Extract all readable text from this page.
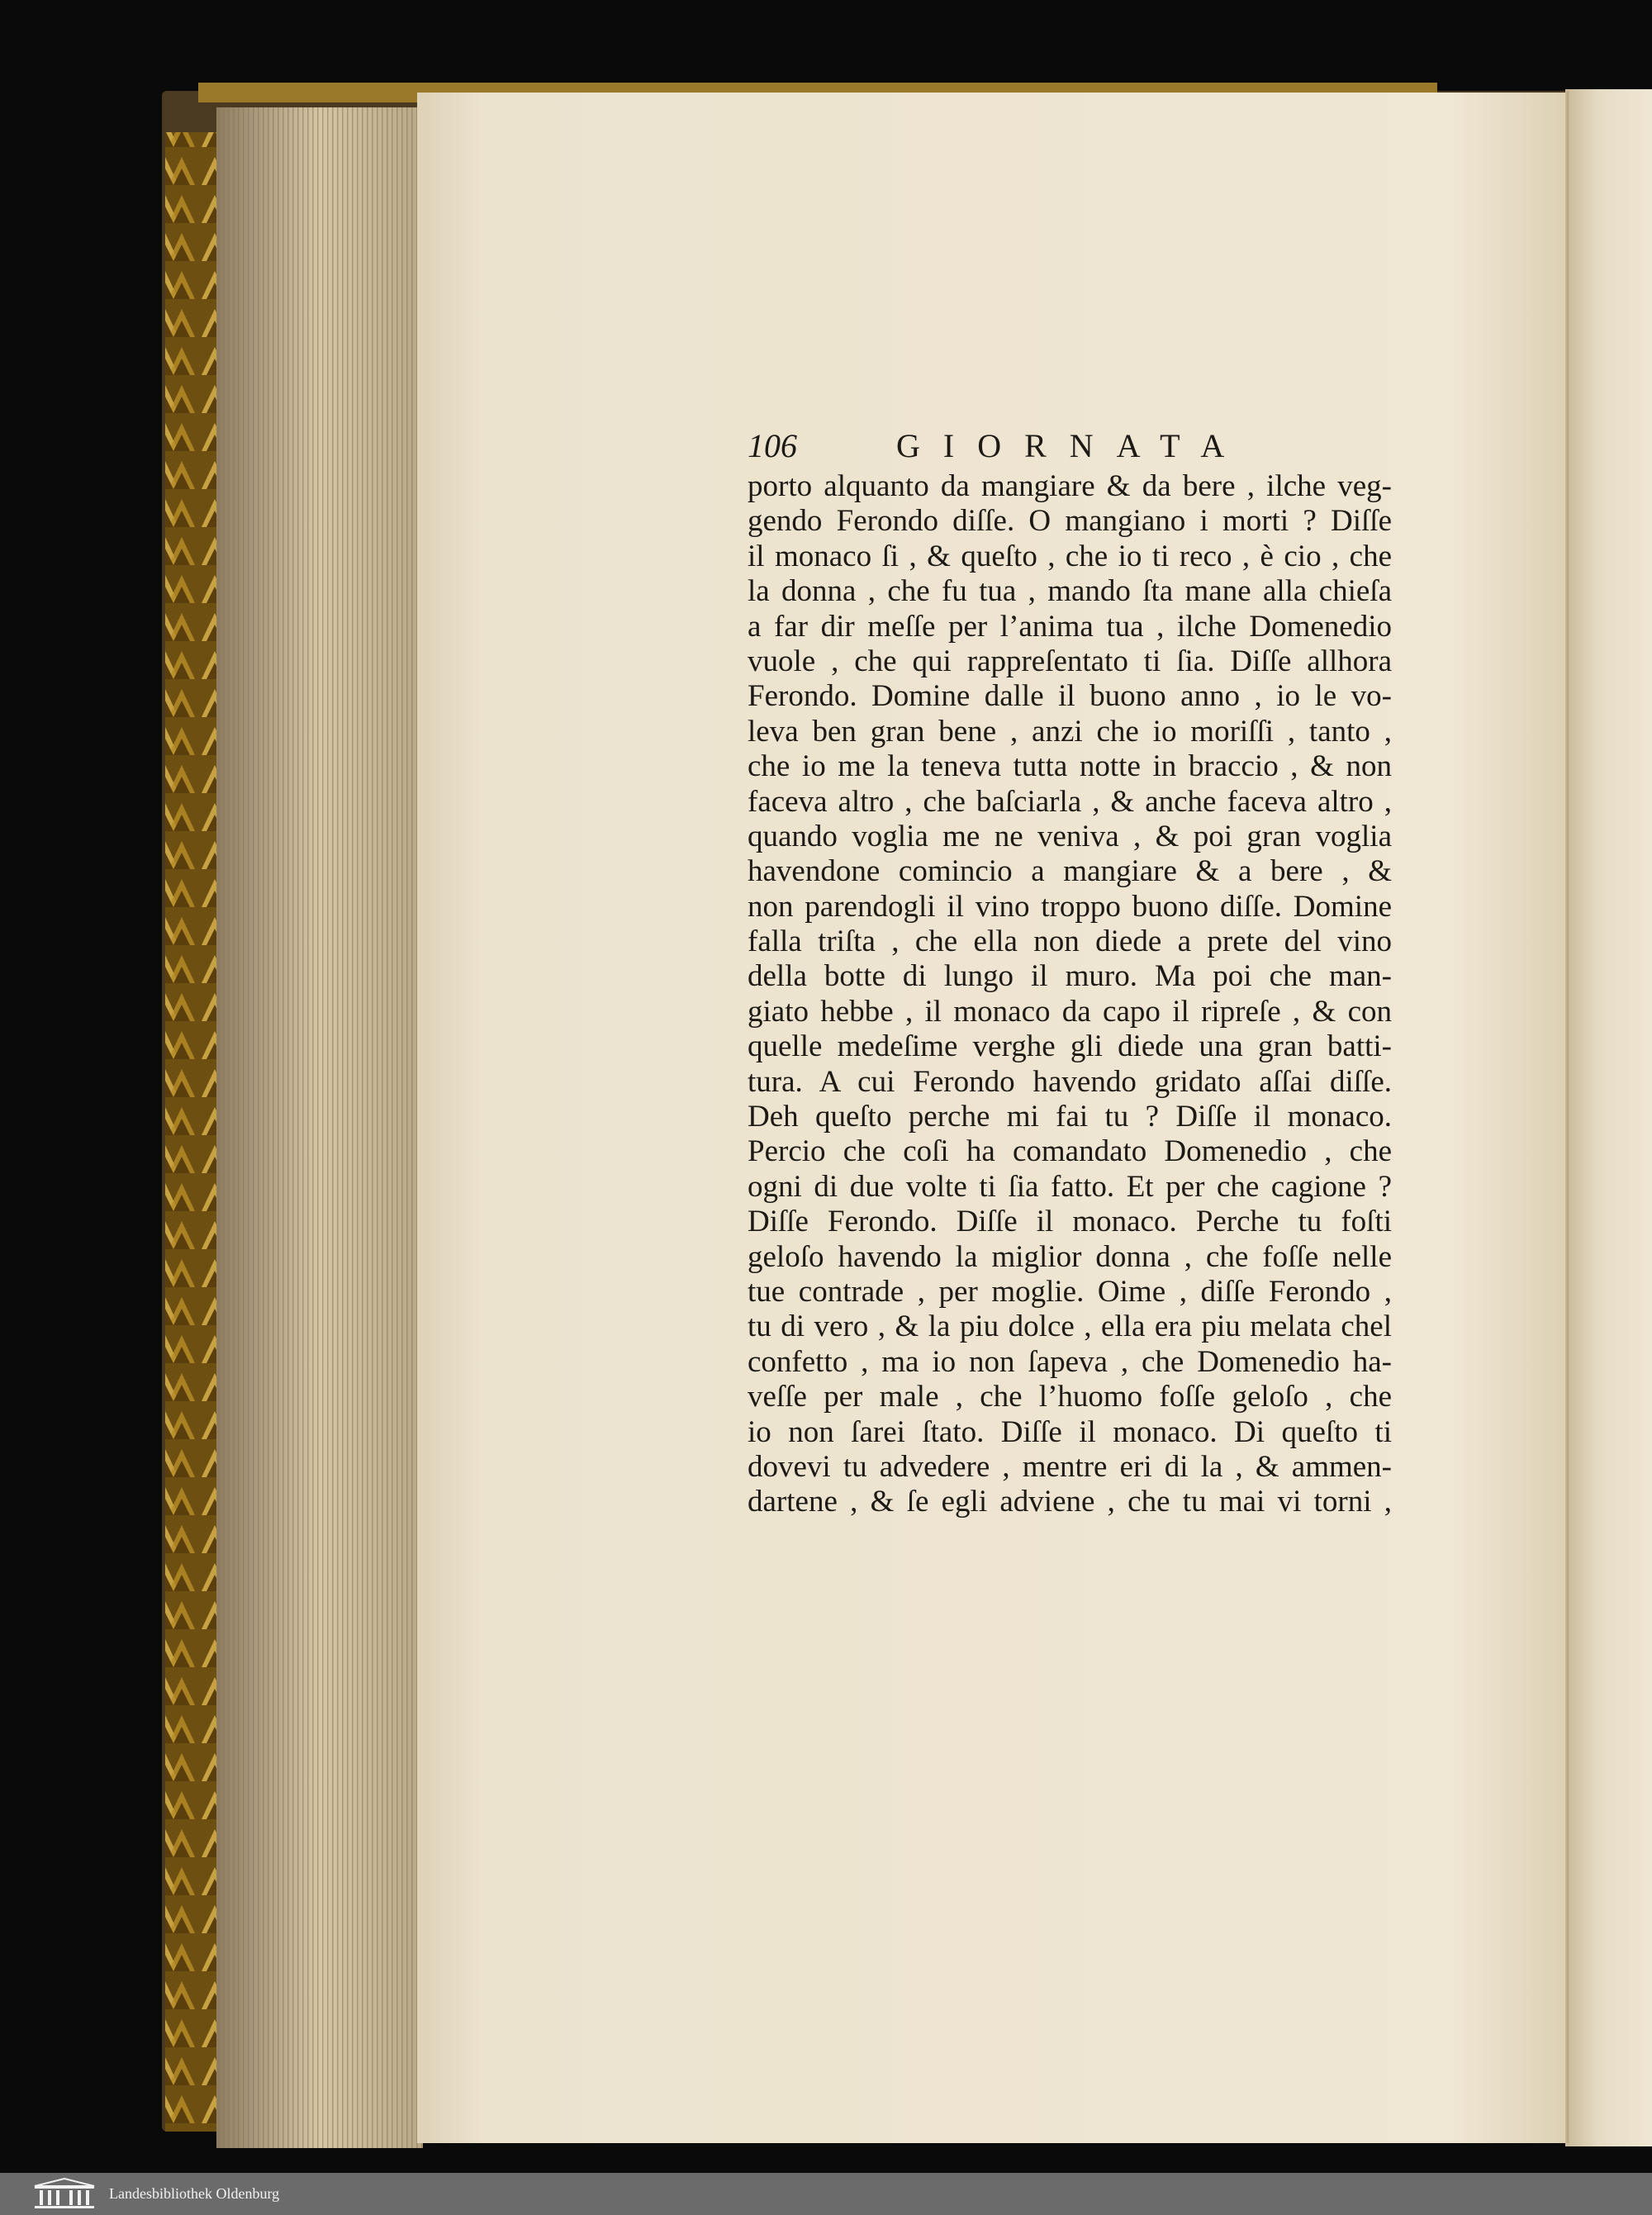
106	GIORNATA
porto alquanto da mangiare & da bere , ilche veg-
gendo Ferondo diſſe. O mangiano i morti ? Diſſe
il monaco ſi , & queſto , che io ti reco , è cio , che
la donna , che fu tua , mando ſta mane alla chieſa
a far dir meſſe per l’anima tua , ilche Domenedio
vuole , che qui rappreſentato ti ſia. Diſſe allhora
Ferondo. Domine dalle il buono anno , io le vo-
leva ben gran bene , anzi che io moriſſi , tanto ,
che io me la teneva tutta notte in braccio , & non
faceva altro , che baſciarla , & anche faceva altro ,
quando voglia me ne veniva , & poi gran voglia
havendone comincio a mangiare & a bere , &
non parendogli il vino troppo buono diſſe. Domine
falla triſta , che ella non diede a prete del vino
della botte di lungo il muro. Ma poi che man-
giato hebbe , il monaco da capo il ripreſe , & con
quelle medeſime verghe gli diede una gran batti-
tura. A cui Ferondo havendo gridato aſſai diſſe.
Deh queſto perche mi fai tu ? Diſſe il monaco.
Percio che coſi ha comandato Domenedio , che
ogni di due volte ti ſia fatto. Et per che cagione ?
Diſſe Ferondo. Diſſe il monaco. Perche tu foſti
geloſo havendo la miglior donna , che foſſe nelle
tue contrade , per moglie. Oime , diſſe Ferondo ,
tu di vero , & la piu dolce , ella era piu melata chel
confetto , ma io non ſapeva , che Domenedio ha-
veſſe per male , che l’huomo foſſe geloſo , che
io non ſarei ſtato. Diſſe il monaco. Di queſto ti
dovevi tu advedere , mentre eri di la , & ammen-
dartene , & ſe egli adviene , che tu mai vi torni ,
Landesbibliothek Oldenburg
